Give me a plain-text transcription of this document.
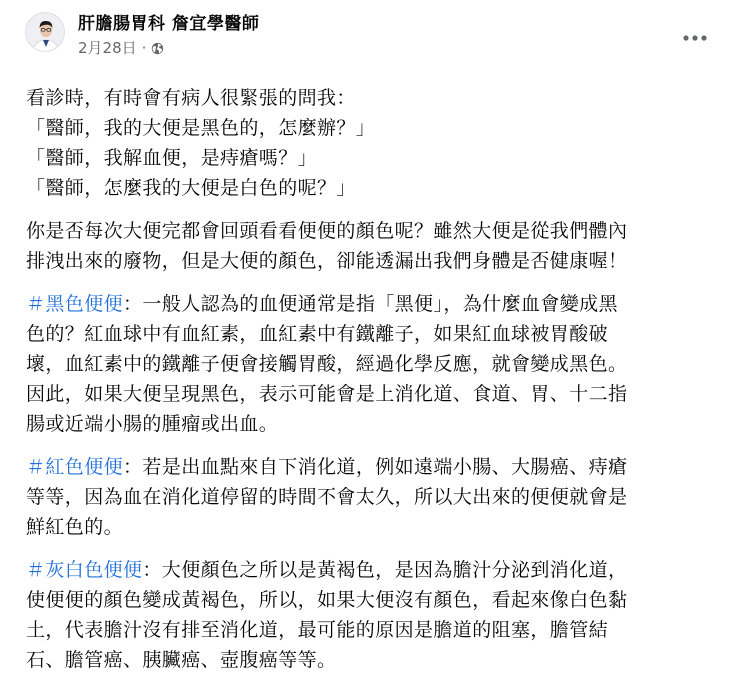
肝膽腸胃科 詹宜學醫師
2月28日 ·
看診時，有時會有病人很緊張的問我：
「醫師，我的大便是黑色的，怎麼辦？」
「醫師，我解血便，是痔瘡嗎？」
「醫師，怎麼我的大便是白色的呢？」
你是否每次大便完都會回頭看看便便的顏色呢？雖然大便是從我們體內
排洩出來的廢物，但是大便的顏色，卻能透漏出我們身體是否健康喔！
＃黑色便便：一般人認為的血便通常是指「黑便」，為什麼血會變成黑
色的？紅血球中有血紅素，血紅素中有鐵離子，如果紅血球被胃酸破
壞，血紅素中的鐵離子便會接觸胃酸，經過化學反應，就會變成黑色。
因此，如果大便呈現黑色，表示可能會是上消化道、食道、胃、十二指
腸或近端小腸的腫瘤或出血。
＃紅色便便：若是出血點來自下消化道，例如遠端小腸、大腸癌、痔瘡
等等，因為血在消化道停留的時間不會太久，所以大出來的便便就會是
鮮紅色的。
＃灰白色便便：大便顏色之所以是黃褐色，是因為膽汁分泌到消化道，
使便便的顏色變成黃褐色，所以，如果大便沒有顏色，看起來像白色黏
土，代表膽汁沒有排至消化道，最可能的原因是膽道的阻塞，膽管結
石、膽管癌、胰臟癌、壺腹癌等等。
